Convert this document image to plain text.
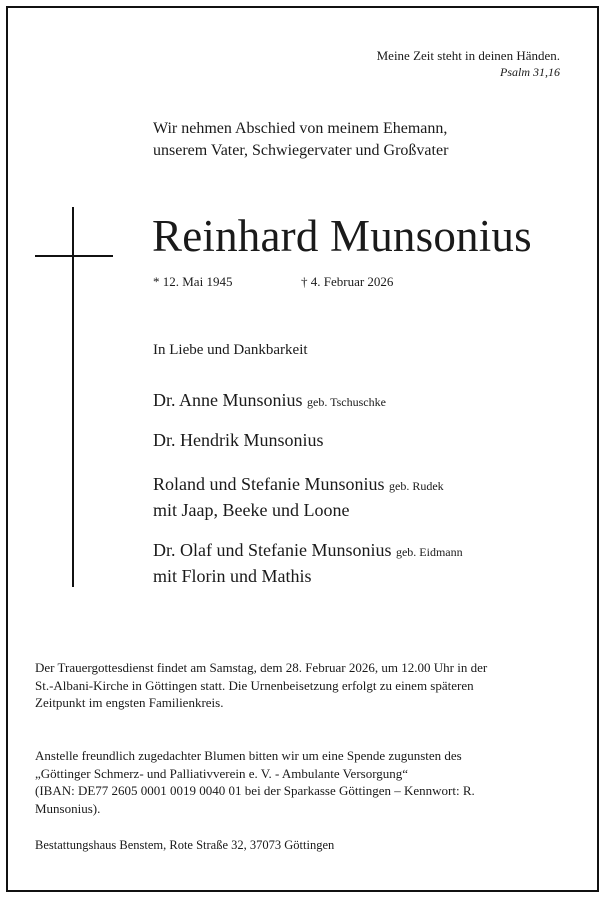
Meine Zeit steht in deinen Händen.
Psalm 31,16
Wir nehmen Abschied von meinem Ehemann,
unserem Vater, Schwiegervater und Großvater
Reinhard Munsonius
* 12. Mai 1945	† 4. Februar 2026
In Liebe und Dankbarkeit
Dr. Anne Munsonius geb. Tschuschke
Dr. Hendrik Munsonius
Roland und Stefanie Munsonius geb. Rudek
mit Jaap, Beeke und Loone
Dr. Olaf und Stefanie Munsonius geb. Eidmann
mit Florin und Mathis
Der Trauergottesdienst findet am Samstag, dem 28. Februar 2026, um 12.00 Uhr in der
St.-Albani-Kirche in Göttingen statt. Die Urnenbeisetzung erfolgt zu einem späteren
Zeitpunkt im engsten Familienkreis.
Anstelle freundlich zugedachter Blumen bitten wir um eine Spende zugunsten des
„Göttinger Schmerz- und Palliativverein e. V. - Ambulante Versorgung“
(IBAN: DE77 2605 0001 0019 0040 01 bei der Sparkasse Göttingen – Kennwort: R.
Munsonius).
Bestattungshaus Benstem, Rote Straße 32, 37073 Göttingen
